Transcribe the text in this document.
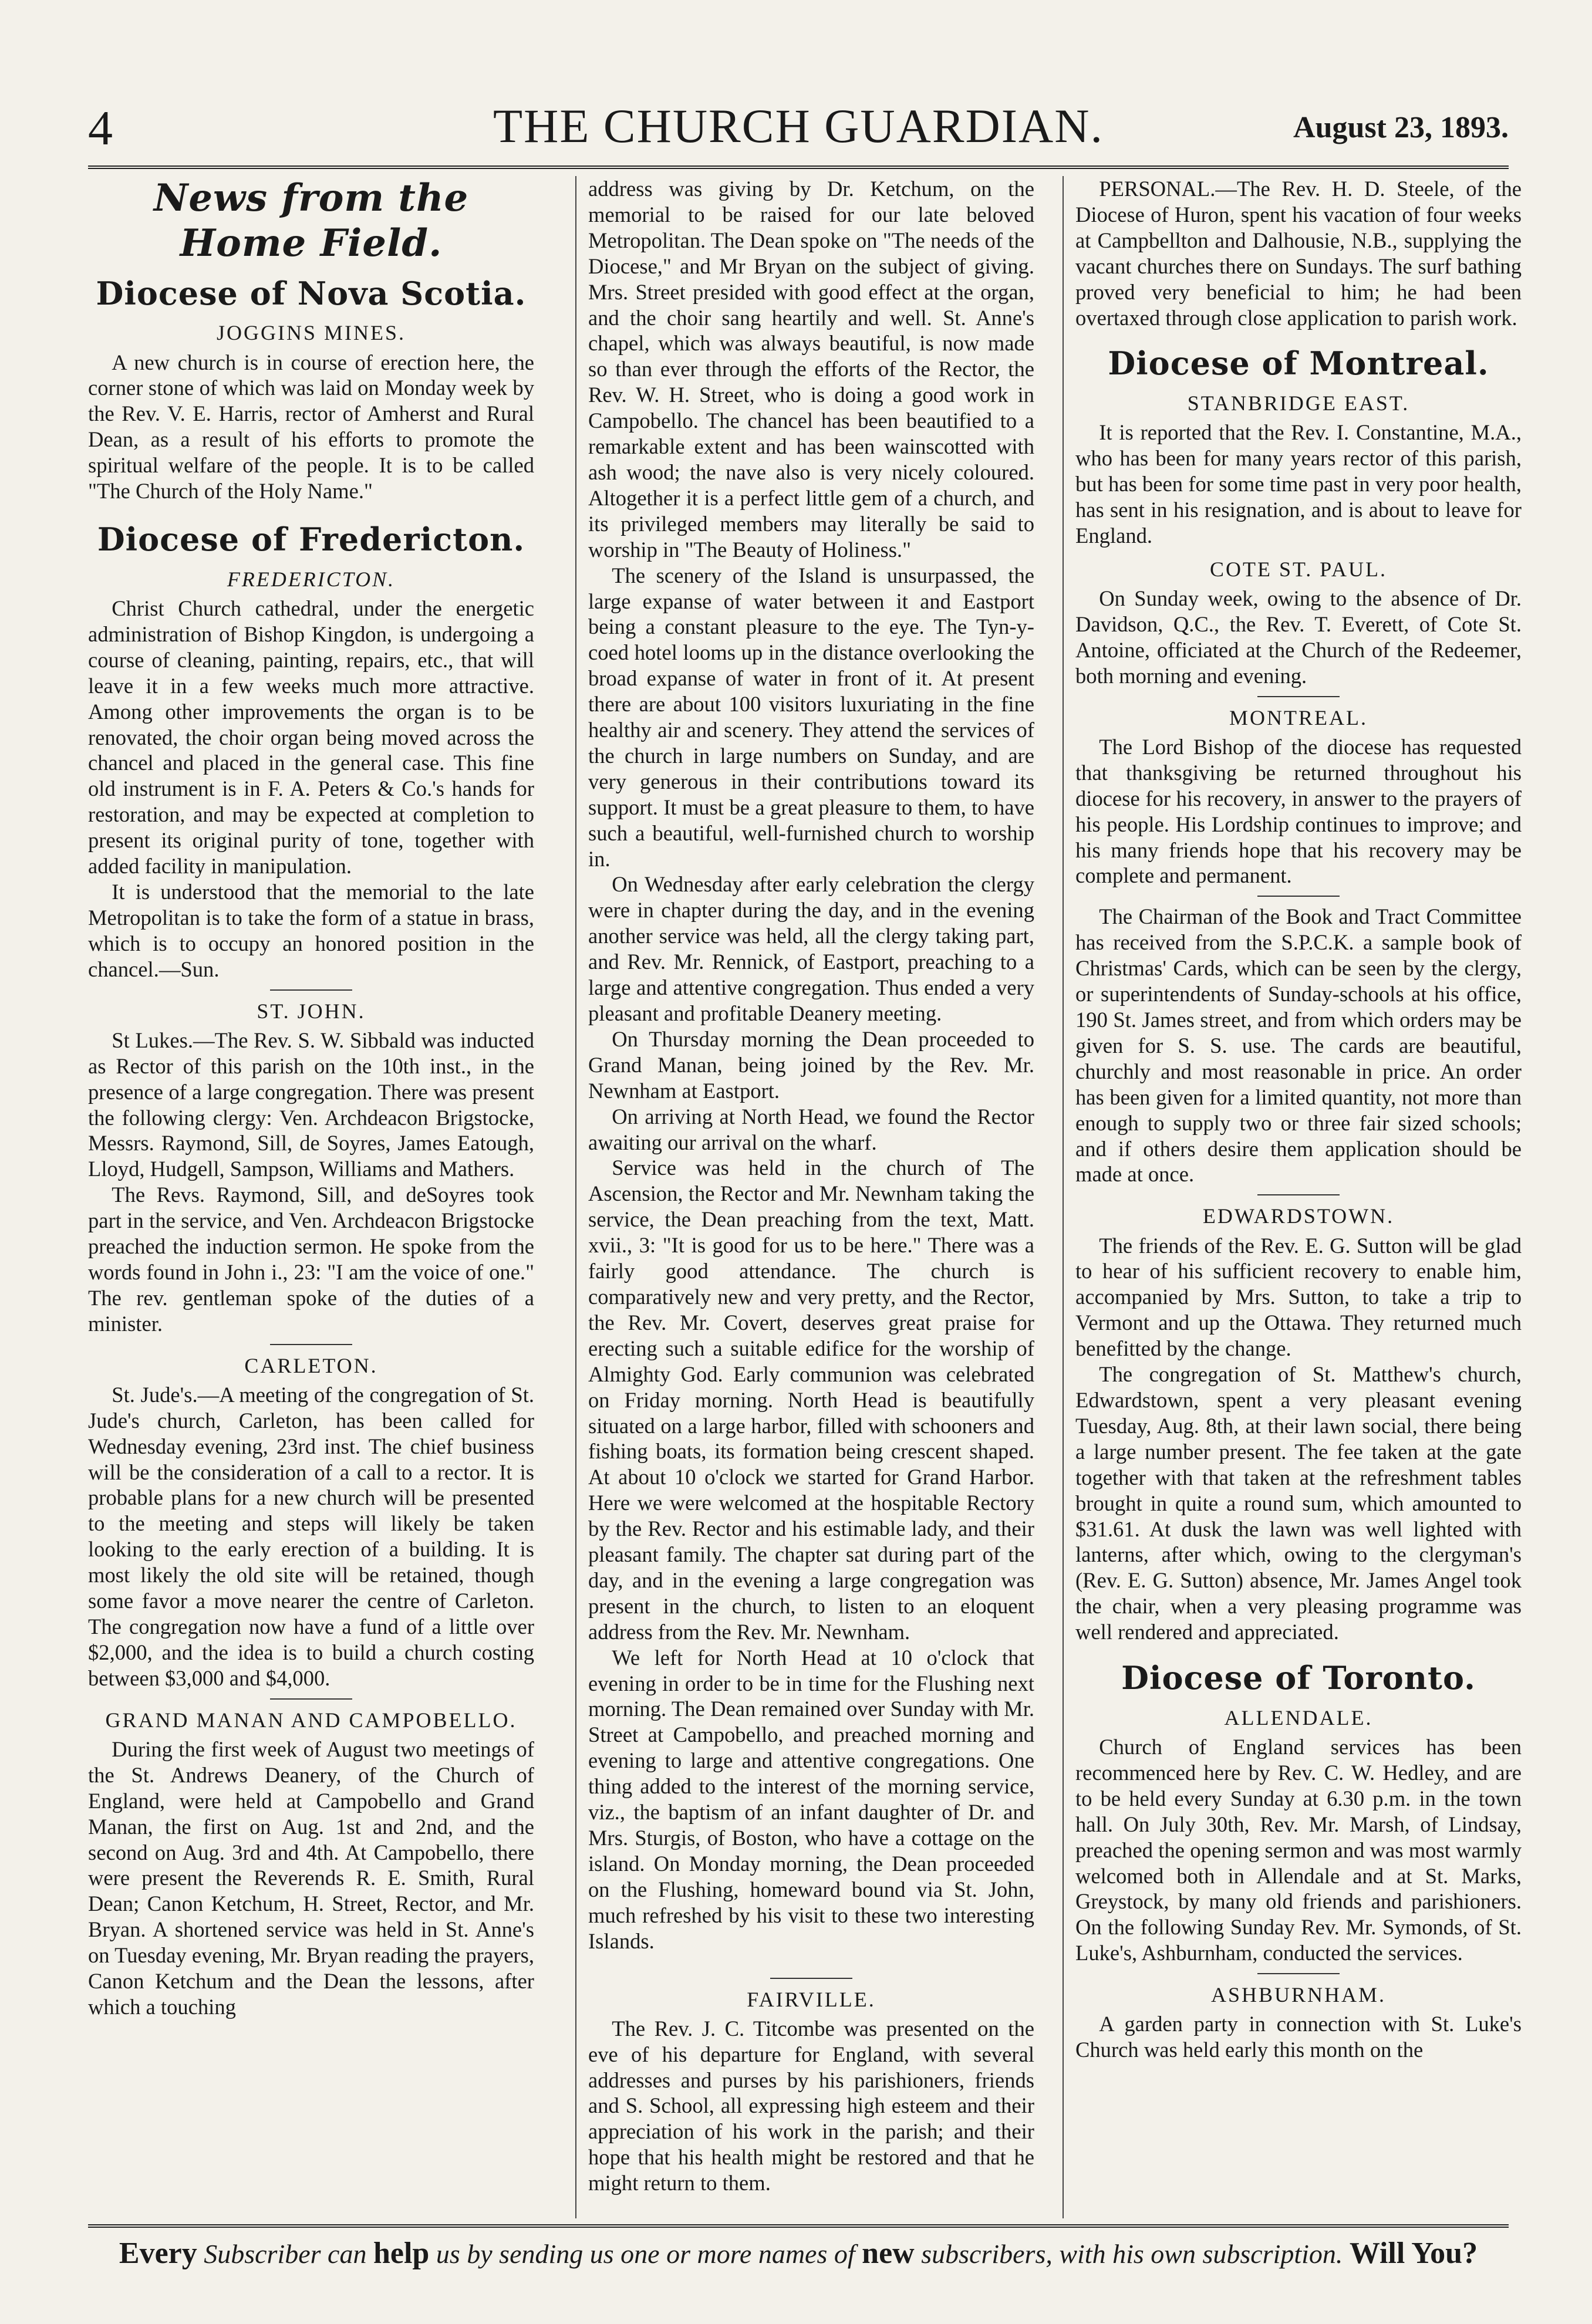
4	THE CHURCH GUARDIAN.	August 23, 1893.
News from the Home Field.
Diocese of Nova Scotia.
JOGGINS MINES.

A new church is in course of erection here, the corner stone of which was laid on Monday week by the Rev. V. E. Harris, rector of Amherst and Rural Dean, as a result of his efforts to promote the spiritual welfare of the people. It is to be called "The Church of the Holy Name."

Diocese of Fredericton.
FREDERICTON.

Christ Church cathedral, under the energetic administration of Bishop Kingdon, is undergoing a course of cleaning, painting, repairs, etc., that will leave it in a few weeks much more attractive. Among other improvements the organ is to be renovated, the choir organ being moved across the chancel and placed in the general case. This fine old instrument is in F. A. Peters & Co.'s hands for restoration, and may be expected at completion to present its original purity of tone, together with added facility in manipulation.

It is understood that the memorial to the late Metropolitan is to take the form of a statue in brass, which is to occupy an honored position in the chancel.—Sun.

ST. JOHN.

St Lukes.—The Rev. S. W. Sibbald was inducted as Rector of this parish on the 10th inst., in the presence of a large congregation. There was present the following clergy: Ven. Archdeacon Brigstocke, Messrs. Raymond, Sill, de Soyres, James Eatough, Lloyd, Hudgell, Sampson, Williams and Mathers.

The Revs. Raymond, Sill, and deSoyres took part in the service, and Ven. Archdeacon Brigstocke preached the induction sermon. He spoke from the words found in John i., 23: "I am the voice of one." The rev. gentleman spoke of the duties of a minister.

CARLETON.

St. Jude's.—A meeting of the congregation of St. Jude's church, Carleton, has been called for Wednesday evening, 23rd inst. The chief business will be the consideration of a call to a rector. It is probable plans for a new church will be presented to the meeting and steps will likely be taken looking to the early erection of a building. It is most likely the old site will be retained, though some favor a move nearer the centre of Carleton. The congregation now have a fund of a little over $2,000, and the idea is to build a church costing between $3,000 and $4,000.

GRAND MANAN AND CAMPOBELLO.

During the first week of August two meetings of the St. Andrews Deanery, of the Church of England, were held at Campobello and Grand Manan, the first on Aug. 1st and 2nd, and the second on Aug. 3rd and 4th. At Campobello, there were present the Reverends R. E. Smith, Rural Dean; Canon Ketchum, H. Street, Rector, and Mr. Bryan. A shortened service was held in St. Anne's on Tuesday evening, Mr. Bryan reading the prayers, Canon Ketchum and the Dean the lessons, after which a touching

address was giving by Dr. Ketchum, on the memorial to be raised for our late beloved Metropolitan. The Dean spoke on "The needs of the Diocese," and Mr Bryan on the subject of giving. Mrs. Street presided with good effect at the organ, and the choir sang heartily and well. St. Anne's chapel, which was always beautiful, is now made so than ever through the efforts of the Rector, the Rev. W. H. Street, who is doing a good work in Campobello. The chancel has been beautified to a remarkable extent and has been wainscotted with ash wood; the nave also is very nicely coloured. Altogether it is a perfect little gem of a church, and its privileged members may literally be said to worship in "The Beauty of Holiness."

The scenery of the Island is unsurpassed, the large expanse of water between it and Eastport being a constant pleasure to the eye. The Tyn-y-coed hotel looms up in the distance overlooking the broad expanse of water in front of it. At present there are about 100 visitors luxuriating in the fine healthy air and scenery. They attend the services of the church in large numbers on Sunday, and are very generous in their contributions toward its support. It must be a great pleasure to them, to have such a beautiful, well-furnished church to worship in.

On Wednesday after early celebration the clergy were in chapter during the day, and in the evening another service was held, all the clergy taking part, and Rev. Mr. Rennick, of Eastport, preaching to a large and attentive congregation. Thus ended a very pleasant and profitable Deanery meeting.

On Thursday morning the Dean proceeded to Grand Manan, being joined by the Rev. Mr. Newnham at Eastport.

On arriving at North Head, we found the Rector awaiting our arrival on the wharf.

Service was held in the church of The Ascension, the Rector and Mr. Newnham taking the service, the Dean preaching from the text, Matt. xvii., 3: "It is good for us to be here." There was a fairly good attendance. The church is comparatively new and very pretty, and the Rector, the Rev. Mr. Covert, deserves great praise for erecting such a suitable edifice for the worship of Almighty God. Early communion was celebrated on Friday morning. North Head is beautifully situated on a large harbor, filled with schooners and fishing boats, its formation being crescent shaped. At about 10 o'clock we started for Grand Harbor. Here we were welcomed at the hospitable Rectory by the Rev. Rector and his estimable lady, and their pleasant family. The chapter sat during part of the day, and in the evening a large congregation was present in the church, to listen to an eloquent address from the Rev. Mr. Newnham.

We left for North Head at 10 o'clock that evening in order to be in time for the Flushing next morning. The Dean remained over Sunday with Mr. Street at Campobello, and preached morning and evening to large and attentive congregations. One thing added to the interest of the morning service, viz., the baptism of an infant daughter of Dr. and Mrs. Sturgis, of Boston, who have a cottage on the island. On Monday morning, the Dean proceeded on the Flushing, homeward bound via St. John, much refreshed by his visit to these two interesting Islands.

FAIRVILLE.

The Rev. J. C. Titcombe was presented on the eve of his departure for England, with several addresses and purses by his parishioners, friends and S. School, all expressing high esteem and their appreciation of his work in the parish; and their hope that his health might be restored and that he might return to them.

PERSONAL.—The Rev. H. D. Steele, of the Diocese of Huron, spent his vacation of four weeks at Campbellton and Dalhousie, N.B., supplying the vacant churches there on Sundays. The surf bathing proved very beneficial to him; he had been overtaxed through close application to parish work.

Diocese of Montreal.
STANBRIDGE EAST.

It is reported that the Rev. I. Constantine, M.A., who has been for many years rector of this parish, but has been for some time past in very poor health, has sent in his resignation, and is about to leave for England.

COTE ST. PAUL.

On Sunday week, owing to the absence of Dr. Davidson, Q.C., the Rev. T. Everett, of Cote St. Antoine, officiated at the Church of the Redeemer, both morning and evening.

MONTREAL.

The Lord Bishop of the diocese has requested that thanksgiving be returned throughout his diocese for his recovery, in answer to the prayers of his people. His Lordship continues to improve; and his many friends hope that his recovery may be complete and permanent.

The Chairman of the Book and Tract Committee has received from the S.P.C.K. a sample book of Christmas' Cards, which can be seen by the clergy, or superintendents of Sunday-schools at his office, 190 St. James street, and from which orders may be given for S. S. use. The cards are beautiful, churchly and most reasonable in price. An order has been given for a limited quantity, not more than enough to supply two or three fair sized schools; and if others desire them application should be made at once.

EDWARDSTOWN.

The friends of the Rev. E. G. Sutton will be glad to hear of his sufficient recovery to enable him, accompanied by Mrs. Sutton, to take a trip to Vermont and up the Ottawa. They returned much benefitted by the change.

The congregation of St. Matthew's church, Edwardstown, spent a very pleasant evening Tuesday, Aug. 8th, at their lawn social, there being a large number present. The fee taken at the gate together with that taken at the refreshment tables brought in quite a round sum, which amounted to $31.61. At dusk the lawn was well lighted with lanterns, after which, owing to the clergyman's (Rev. E. G. Sutton) absence, Mr. James Angel took the chair, when a very pleasing programme was well rendered and appreciated.

Diocese of Toronto.
ALLENDALE.

Church of England services has been recommenced here by Rev. C. W. Hedley, and are to be held every Sunday at 6.30 p.m. in the town hall. On July 30th, Rev. Mr. Marsh, of Lindsay, preached the opening sermon and was most warmly welcomed both in Allendale and at St. Marks, Greystock, by many old friends and parishioners. On the following Sunday Rev. Mr. Symonds, of St. Luke's, Ashburnham, conducted the services.

ASHBURNHAM.

A garden party in connection with St. Luke's Church was held early this month on the

Every Subscriber can help us by sending us one or more names of new subscribers, with his own subscription. Will You?
